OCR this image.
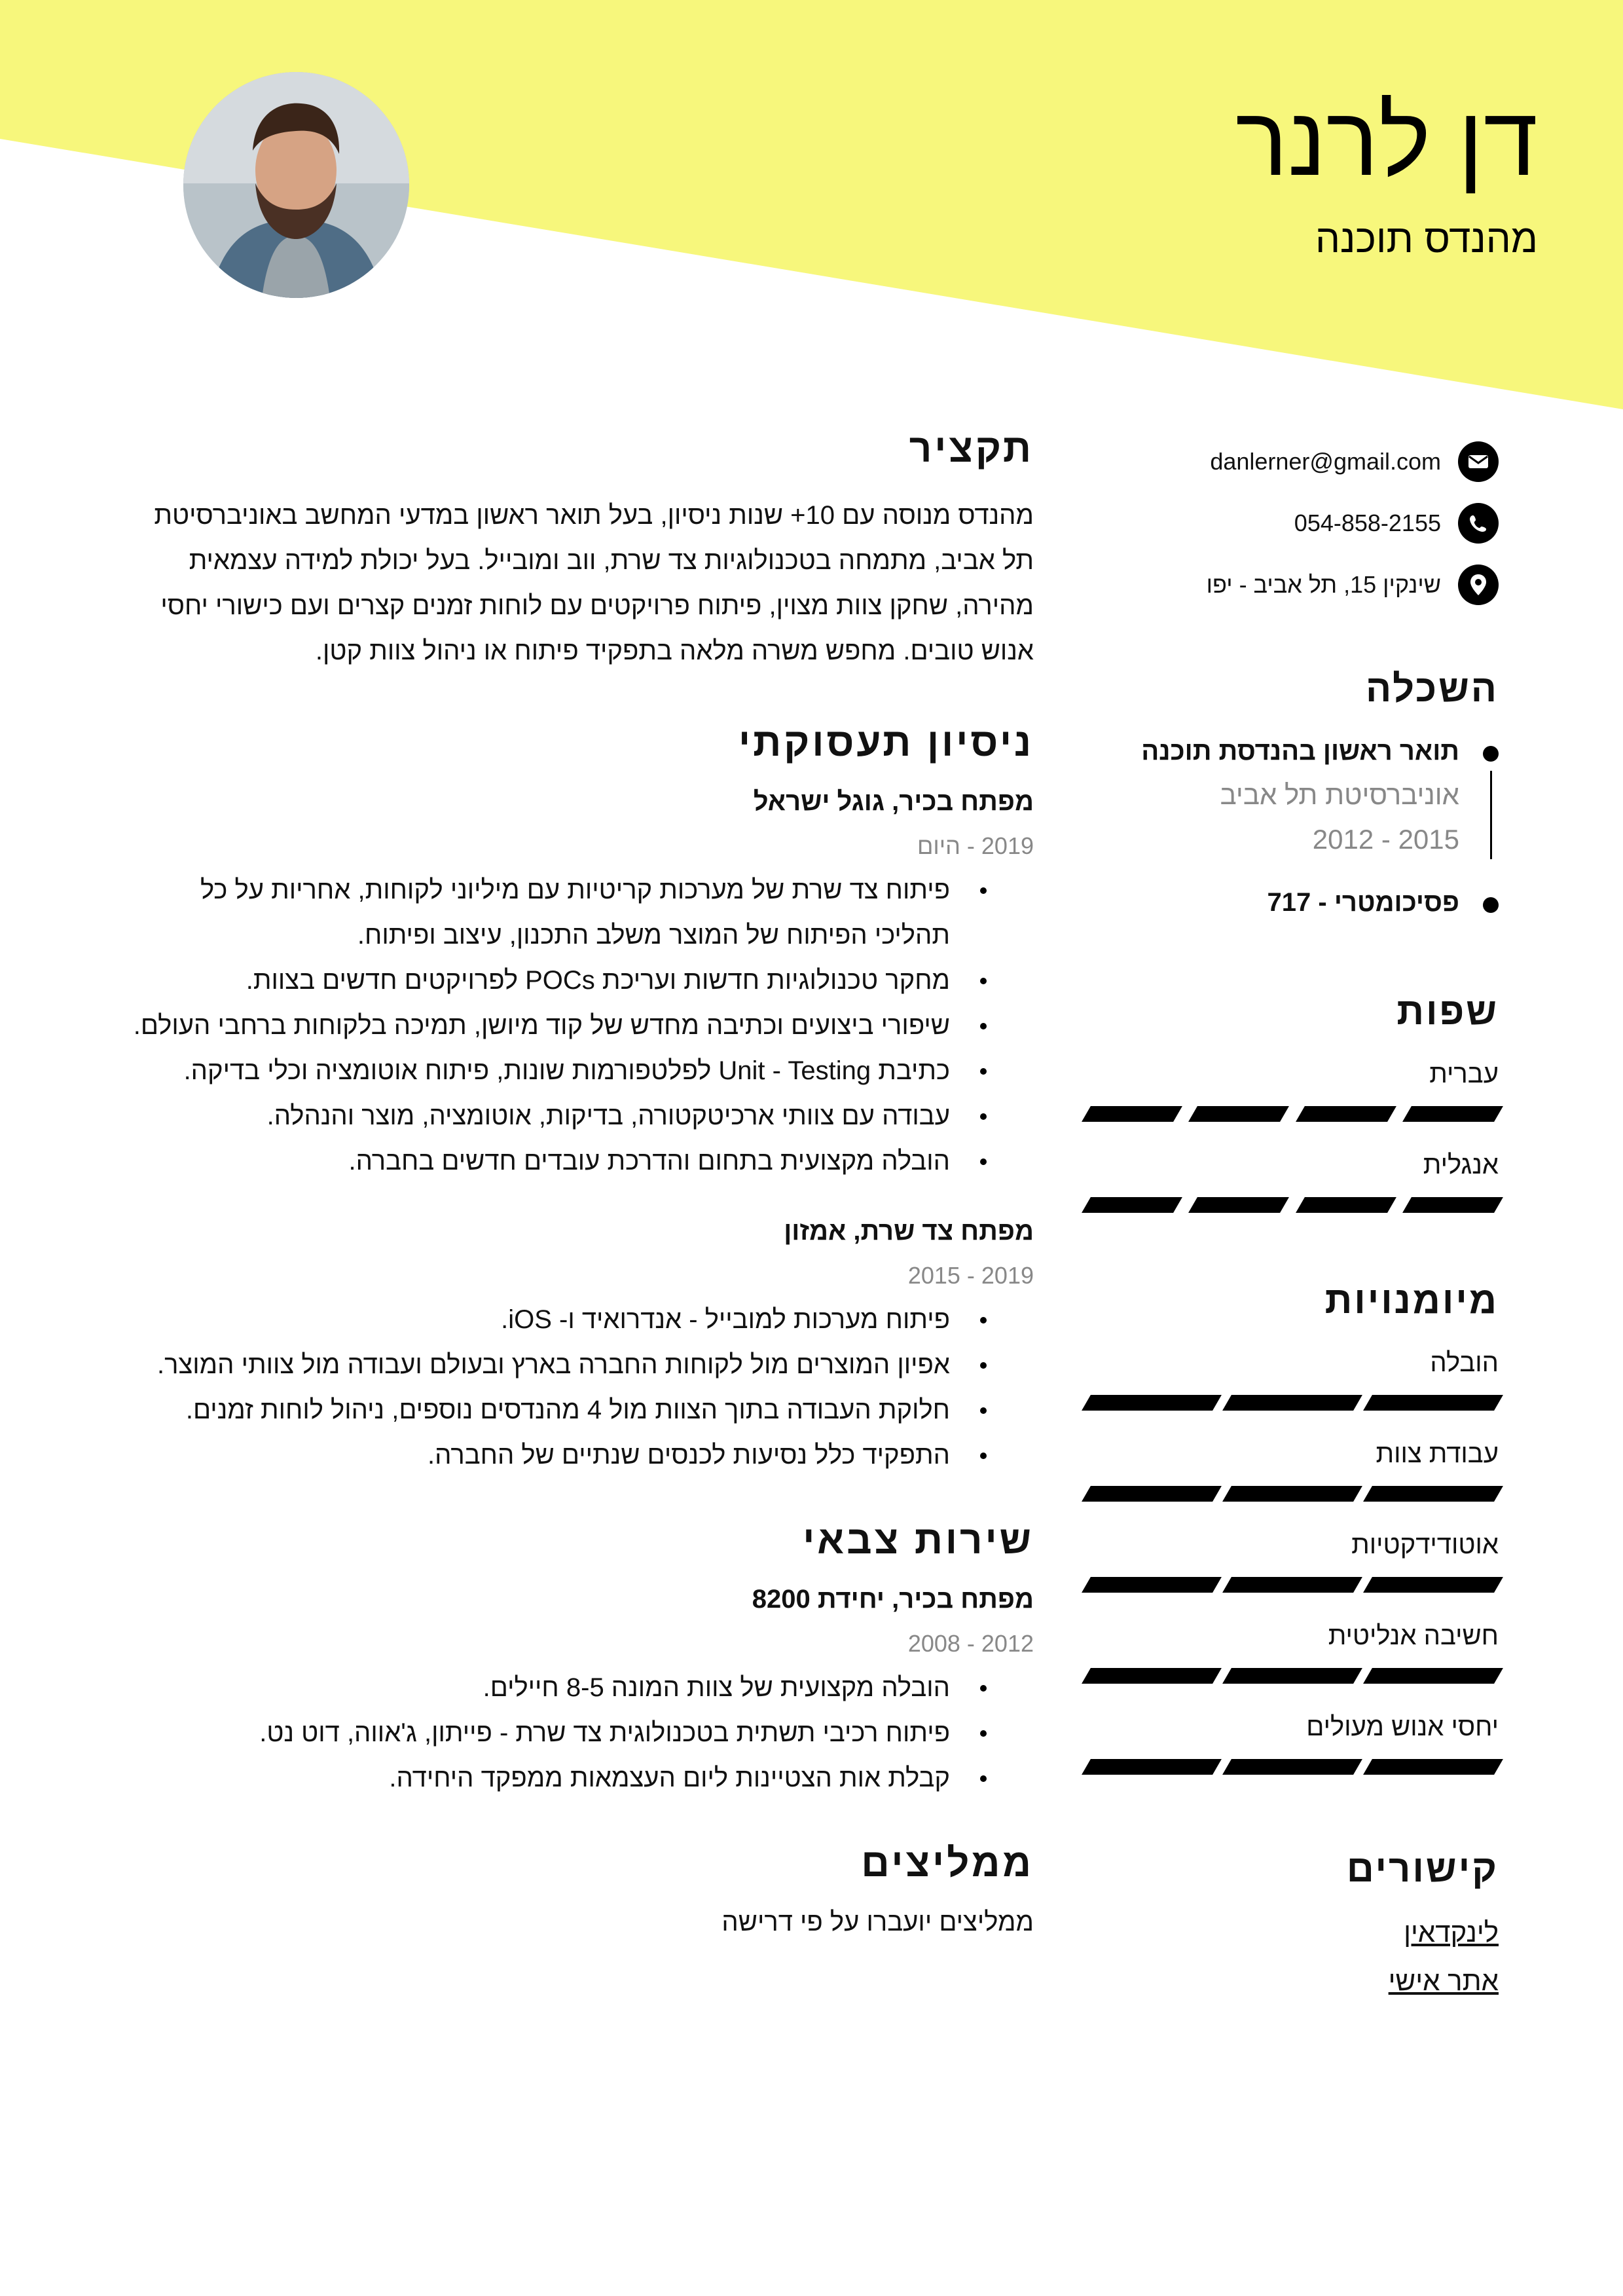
דן לרנר
מהנדס תוכנה
danlerner@gmail.com
054-858-2155
שינקין 15, תל אביב - יפו
השכלה
תואר ראשון בהנדסת תוכנה
אוניברסיטת תל אביב
2015 - 2012
פסיכומטרי - 717
שפות
עברית
אנגלית
מיומנויות
הובלה
עבודת צוות
אוטודידקטיות
חשיבה אנליטית
יחסי אנוש מעולים
קישורים
לינקדאין
אתר אישי
תקציר
מהנדס מנוסה עם 10+ שנות ניסיון, בעל תואר ראשון במדעי המחשב באוניברסיטת
תל אביב, מתמחה בטכנולוגיות צד שרת, ווב ומובייל. בעל יכולת למידה עצמאית
מהירה, שחקן צוות מצוין, פיתוח פרויקטים עם לוחות זמנים קצרים ועם כישורי יחסי
אנוש טובים. מחפש משרה מלאה בתפקיד פיתוח או ניהול צוות קטן.
ניסיון תעסוקתי
מפתח בכיר, גוגל ישראל
2019 - היום
פיתוח צד שרת של מערכות קריטיות עם מיליוני לקוחות, אחריות על כל
תהליכי הפיתוח של המוצר משלב התכנון, עיצוב ופיתוח.
מחקר טכנולוגיות חדשות ועריכת POCs לפרויקטים חדשים בצוות.
שיפורי ביצועים וכתיבה מחדש של קוד מיושן, תמיכה בלקוחות ברחבי העולם.
כתיבת Unit - Testing לפלטפורמות שונות, פיתוח אוטומציה וכלי בדיקה.
עבודה עם צוותי ארכיטקטורה, בדיקות, אוטומציה, מוצר והנהלה.
הובלה מקצועית בתחום והדרכת עובדים חדשים בחברה.
מפתח צד שרת, אמזון
2019 - 2015
פיתוח מערכות למובייל - אנדרואיד ו- iOS.
אפיון המוצרים מול לקוחות החברה בארץ ובעולם ועבודה מול צוותי המוצר.
חלוקת העבודה בתוך הצוות מול 4 מהנדסים נוספים, ניהול לוחות זמנים.
התפקיד כלל נסיעות לכנסים שנתיים של החברה.
שירות צבאי
מפתח בכיר, יחידת 8200
2012 - 2008
הובלה מקצועית של צוות המונה 8-5 חיילים.
פיתוח רכיבי תשתית בטכנולוגית צד שרת - פייתון, ג'אווה, דוט נט.
קבלת אות הצטיינות ליום העצמאות ממפקד היחידה.
ממליצים
ממליצים יועברו על פי דרישה
